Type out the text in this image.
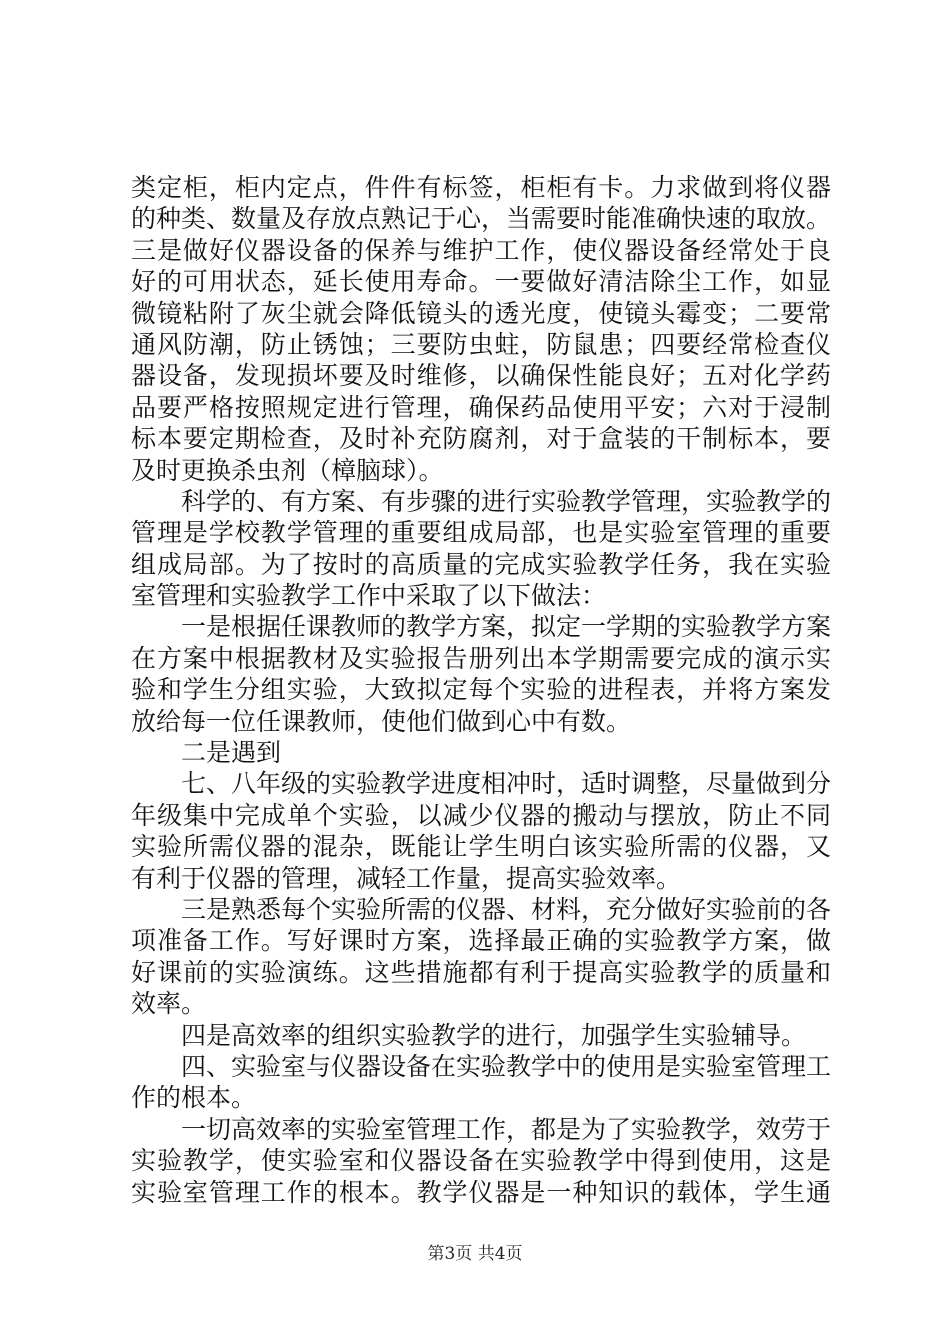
类定柜，柜内定点，件件有标签，柜柜有卡。力求做到将仪器
的种类、数量及存放点熟记于心，当需要时能准确快速的取放。
三是做好仪器设备的保养与维护工作，使仪器设备经常处于良
好的可用状态，延长使用寿命。一要做好清洁除尘工作，如显
微镜粘附了灰尘就会降低镜头的透光度，使镜头霉变；二要常
通风防潮，防止锈蚀；三要防虫蛀，防鼠患；四要经常检查仪
器设备，发现损坏要及时维修，以确保性能良好；五对化学药
品要严格按照规定进行管理，确保药品使用平安；六对于浸制
标本要定期检查，及时补充防腐剂，对于盒装的干制标本，要
及时更换杀虫剂（樟脑球）。
科学的、有方案、有步骤的进行实验教学管理，实验教学的
管理是学校教学管理的重要组成局部，也是实验室管理的重要
组成局部。为了按时的高质量的完成实验教学任务，我在实验
室管理和实验教学工作中采取了以下做法：
一是根据任课教师的教学方案，拟定一学期的实验教学方案
在方案中根据教材及实验报告册列出本学期需要完成的演示实
验和学生分组实验，大致拟定每个实验的进程表，并将方案发
放给每一位任课教师，使他们做到心中有数。
二是遇到
七、八年级的实验教学进度相冲时，适时调整，尽量做到分
年级集中完成单个实验，以减少仪器的搬动与摆放，防止不同
实验所需仪器的混杂，既能让学生明白该实验所需的仪器，又
有利于仪器的管理，减轻工作量，提高实验效率。
三是熟悉每个实验所需的仪器、材料，充分做好实验前的各
项准备工作。写好课时方案，选择最正确的实验教学方案，做
好课前的实验演练。这些措施都有利于提高实验教学的质量和
效率。
四是高效率的组织实验教学的进行，加强学生实验辅导。
四、实验室与仪器设备在实验教学中的使用是实验室管理工
作的根本。
一切高效率的实验室管理工作，都是为了实验教学，效劳于
实验教学，使实验室和仪器设备在实验教学中得到使用，这是
实验室管理工作的根本。教学仪器是一种知识的载体，学生通
第3页 共4页
